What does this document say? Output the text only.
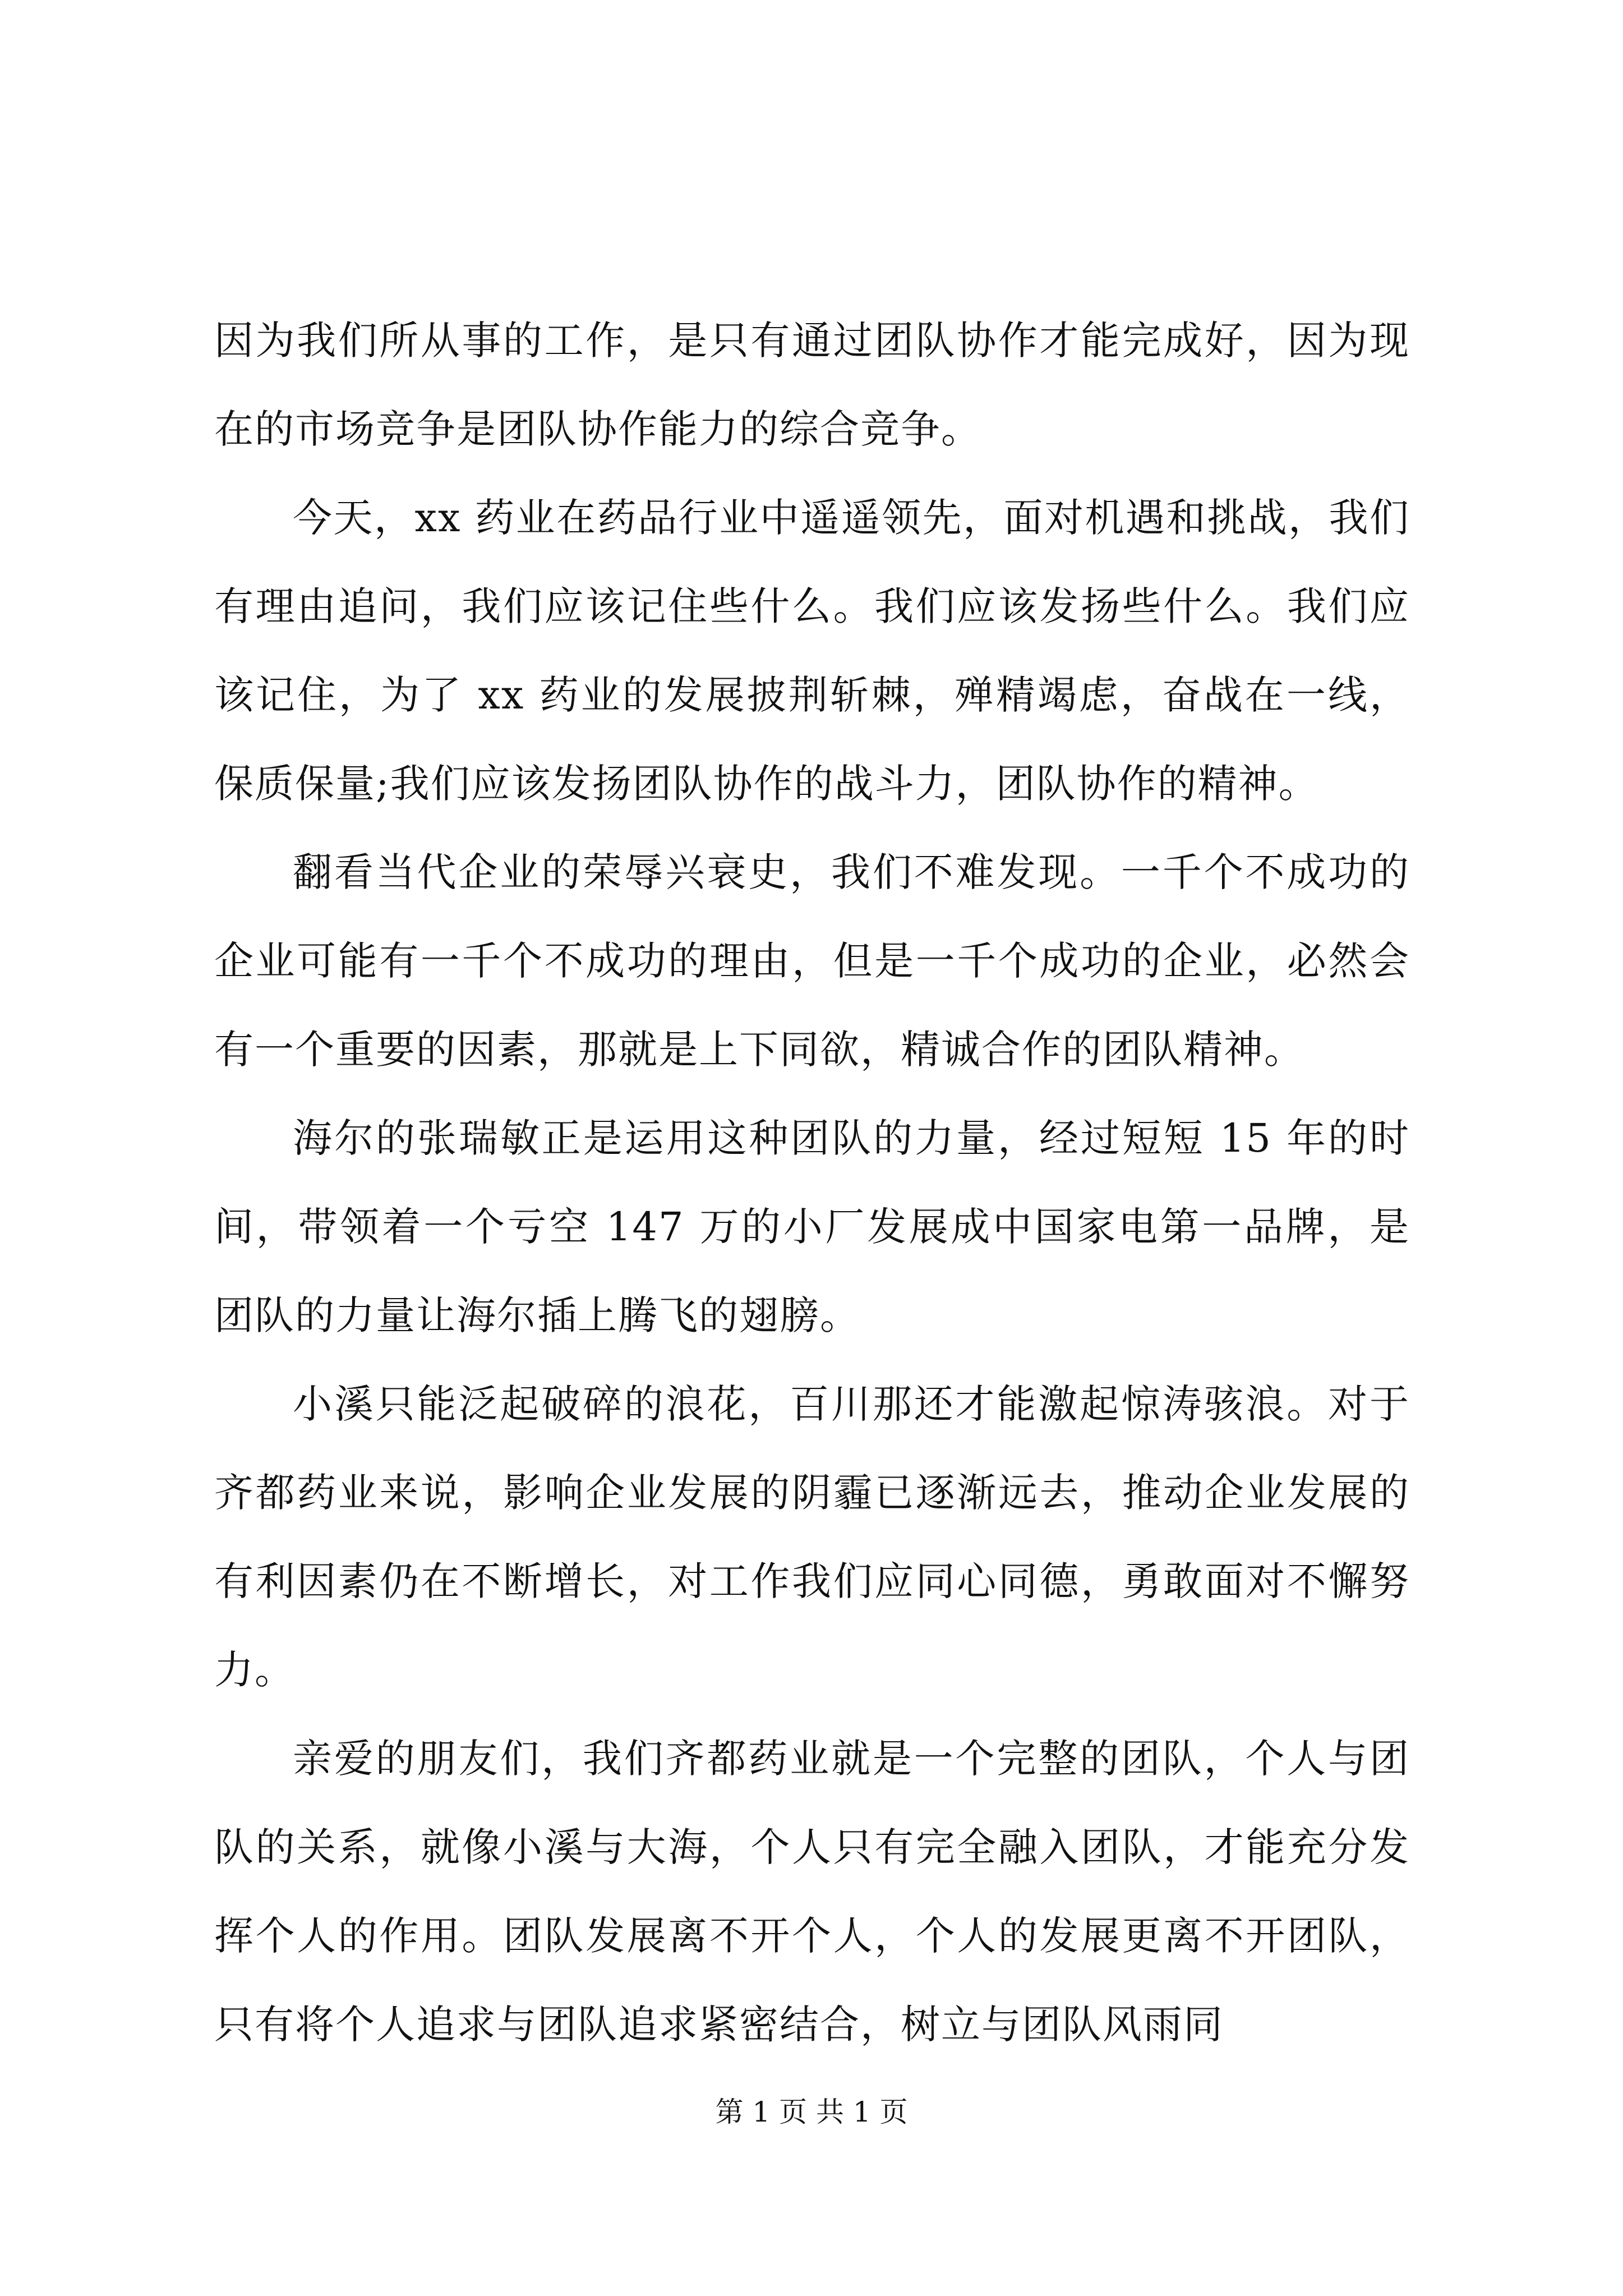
因为我们所从事的工作，是只有通过团队协作才能完成好，因为现在的市场竞争是团队协作能力的综合竞争。

今天，xx 药业在药品行业中遥遥领先，面对机遇和挑战，我们有理由追问，我们应该记住些什么。我们应该发扬些什么。我们应该记住，为了 xx 药业的发展披荆斩棘，殚精竭虑，奋战在一线，保质保量;我们应该发扬团队协作的战斗力，团队协作的精神。

翻看当代企业的荣辱兴衰史，我们不难发现。一千个不成功的企业可能有一千个不成功的理由，但是一千个成功的企业，必然会有一个重要的因素，那就是上下同欲，精诚合作的团队精神。

海尔的张瑞敏正是运用这种团队的力量，经过短短 15 年的时间，带领着一个亏空 147 万的小厂发展成中国家电第一品牌，是团队的力量让海尔插上腾飞的翅膀。

小溪只能泛起破碎的浪花，百川那还才能激起惊涛骇浪。对于齐都药业来说，影响企业发展的阴霾已逐渐远去，推动企业发展的有利因素仍在不断增长，对工作我们应同心同德，勇敢面对不懈努力。

亲爱的朋友们，我们齐都药业就是一个完整的团队，个人与团队的关系，就像小溪与大海，个人只有完全融入团队，才能充分发挥个人的作用。团队发展离不开个人，个人的发展更离不开团队，只有将个人追求与团队追求紧密结合，树立与团队风雨同

第 1 页 共 1 页
